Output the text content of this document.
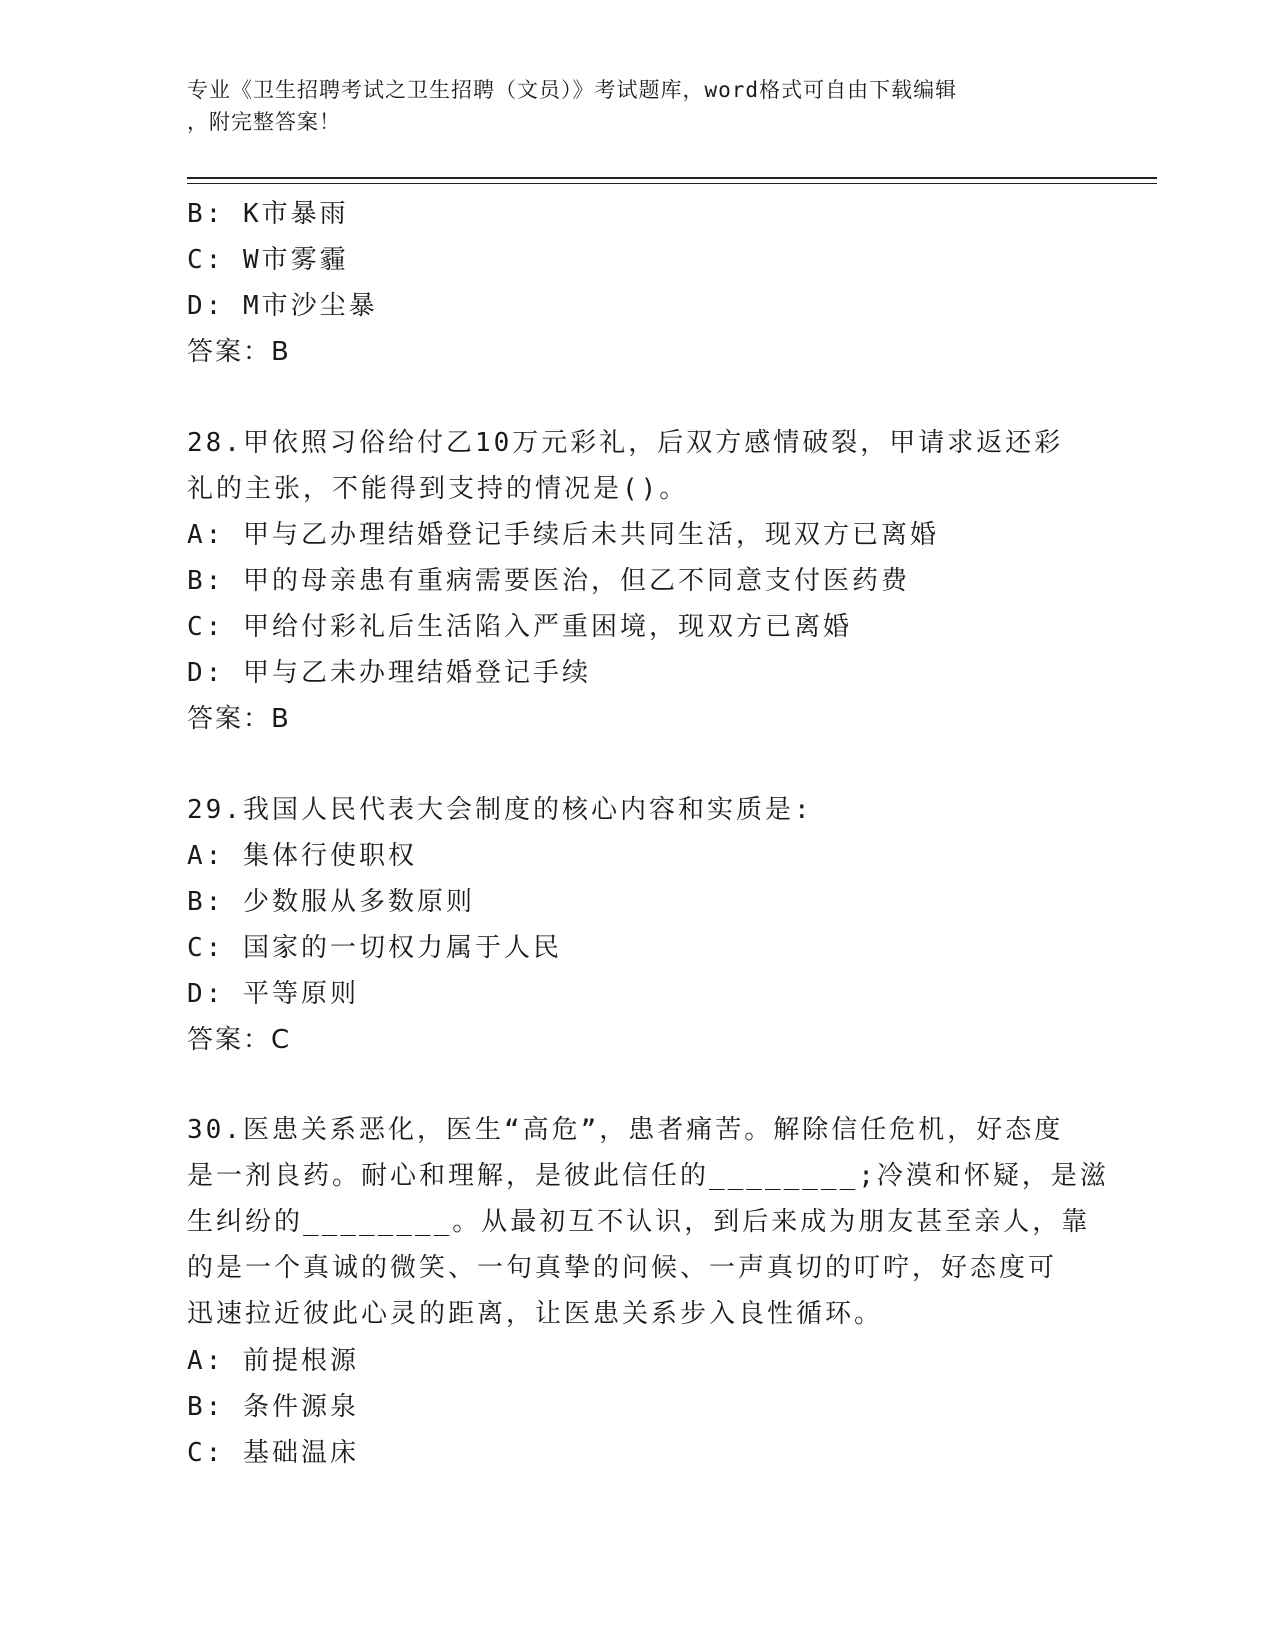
专业《卫生招聘考试之卫生招聘（文员）》考试题库，word格式可自由下载编辑
，附完整答案！
B: K市暴雨
C: W市雾霾
D: M市沙尘暴
答案：B
28.甲依照习俗给付乙10万元彩礼，后双方感情破裂，甲请求返还彩
礼的主张，不能得到支持的情况是()。
A: 甲与乙办理结婚登记手续后未共同生活，现双方已离婚
B: 甲的母亲患有重病需要医治，但乙不同意支付医药费
C: 甲给付彩礼后生活陷入严重困境，现双方已离婚
D: 甲与乙未办理结婚登记手续
答案：B
29.我国人民代表大会制度的核心内容和实质是:
A: 集体行使职权
B: 少数服从多数原则
C: 国家的一切权力属于人民
D: 平等原则
答案：C
30.医患关系恶化，医生“高危”，患者痛苦。解除信任危机，好态度
是一剂良药。耐心和理解，是彼此信任的________;冷漠和怀疑，是滋
生纠纷的________。从最初互不认识，到后来成为朋友甚至亲人，靠
的是一个真诚的微笑、一句真挚的问候、一声真切的叮咛，好态度可
迅速拉近彼此心灵的距离，让医患关系步入良性循环。
A: 前提根源
B: 条件源泉
C: 基础温床
